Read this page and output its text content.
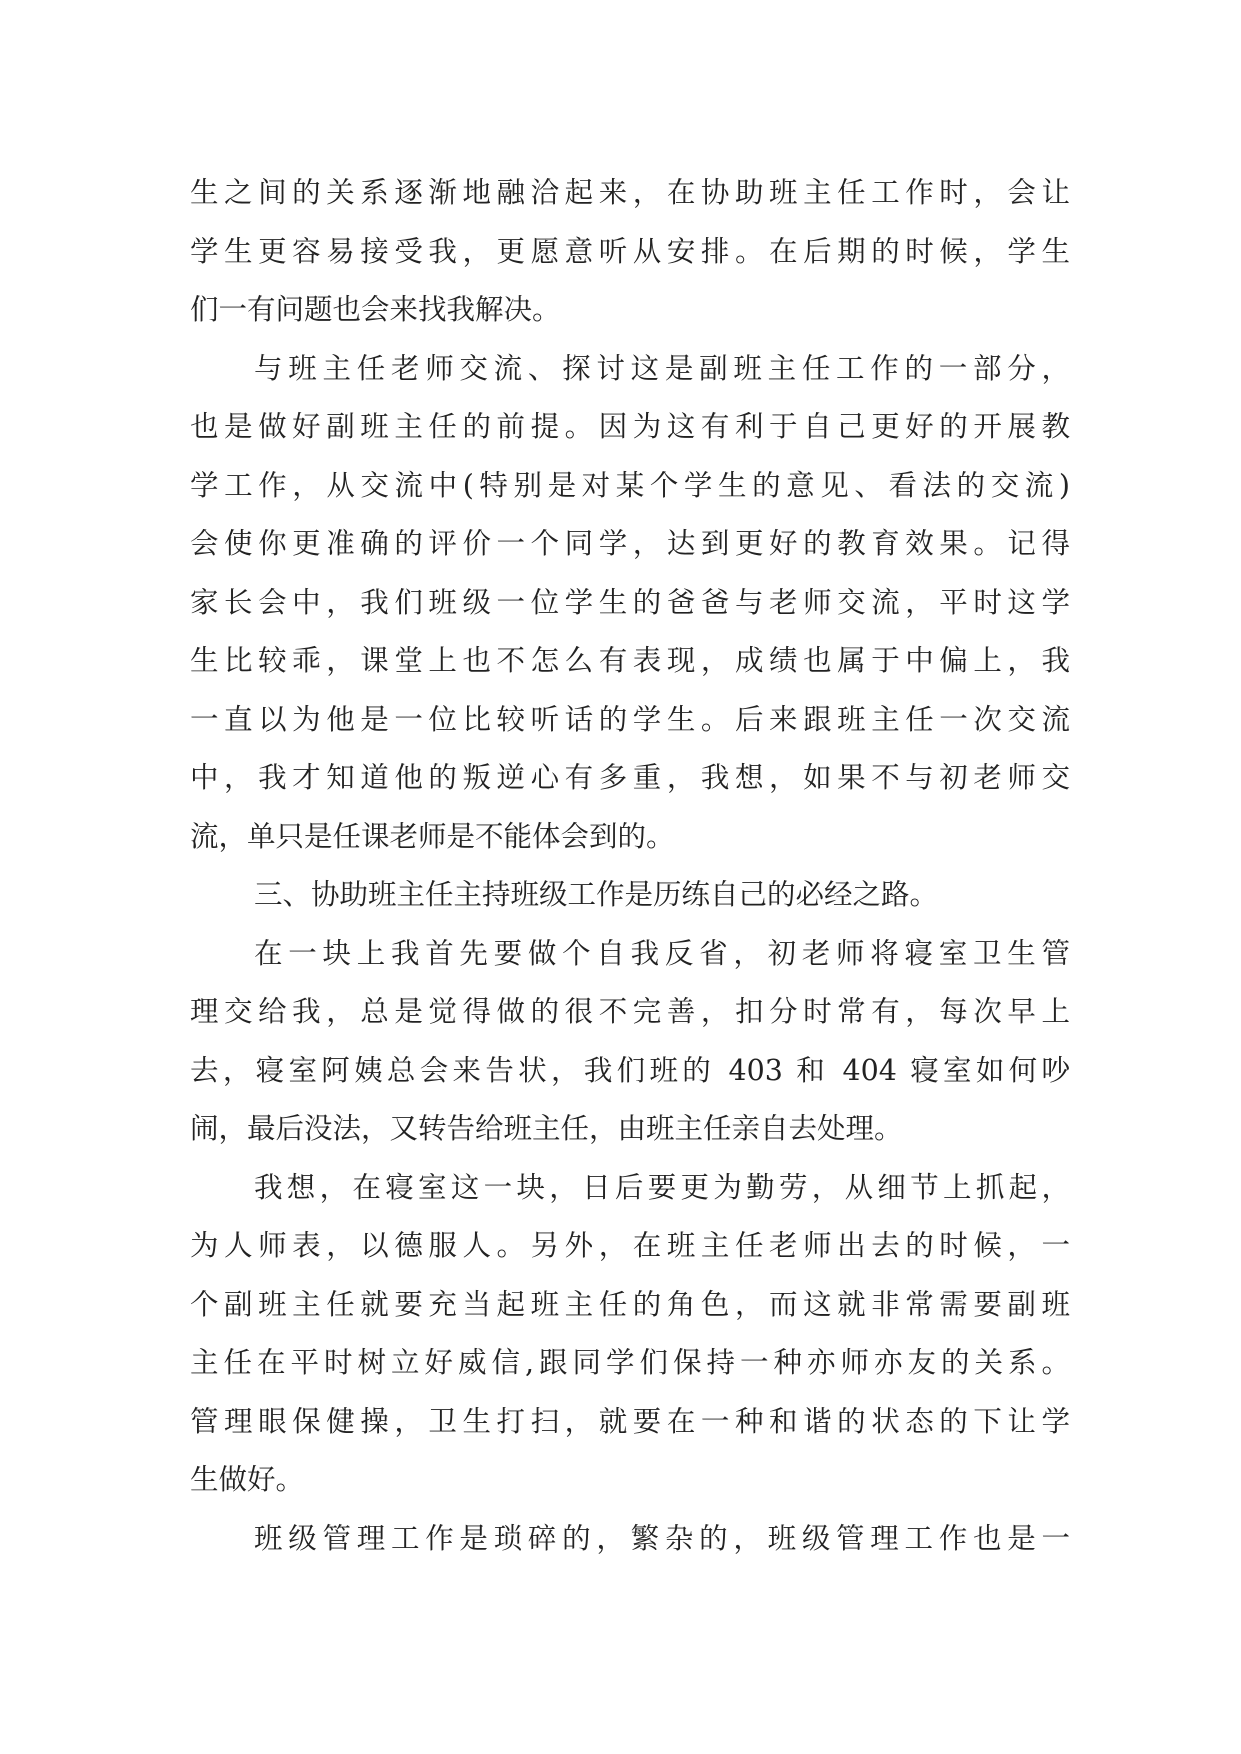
生之间的关系逐渐地融洽起来，在协助班主任工作时，会让
学生更容易接受我，更愿意听从安排。在后期的时候，学生
们一有问题也会来找我解决。
与班主任老师交流、探讨这是副班主任工作的一部分，
也是做好副班主任的前提。因为这有利于自己更好的开展教
学工作，从交流中(特别是对某个学生的意见、看法的交流)
会使你更准确的评价一个同学，达到更好的教育效果。记得
家长会中，我们班级一位学生的爸爸与老师交流，平时这学
生比较乖，课堂上也不怎么有表现，成绩也属于中偏上，我
一直以为他是一位比较听话的学生。后来跟班主任一次交流
中，我才知道他的叛逆心有多重，我想，如果不与初老师交
流，单只是任课老师是不能体会到的。
三、协助班主任主持班级工作是历练自己的必经之路。
在一块上我首先要做个自我反省，初老师将寝室卫生管
理交给我，总是觉得做的很不完善，扣分时常有，每次早上
去，寝室阿姨总会来告状，我们班的 403 和 404 寝室如何吵
闹，最后没法，又转告给班主任，由班主任亲自去处理。
我想，在寝室这一块，日后要更为勤劳，从细节上抓起，
为人师表，以德服人。另外，在班主任老师出去的时候，一
个副班主任就要充当起班主任的角色，而这就非常需要副班
主任在平时树立好威信,跟同学们保持一种亦师亦友的关系。
管理眼保健操，卫生打扫，就要在一种和谐的状态的下让学
生做好。
班级管理工作是琐碎的，繁杂的，班级管理工作也是一
